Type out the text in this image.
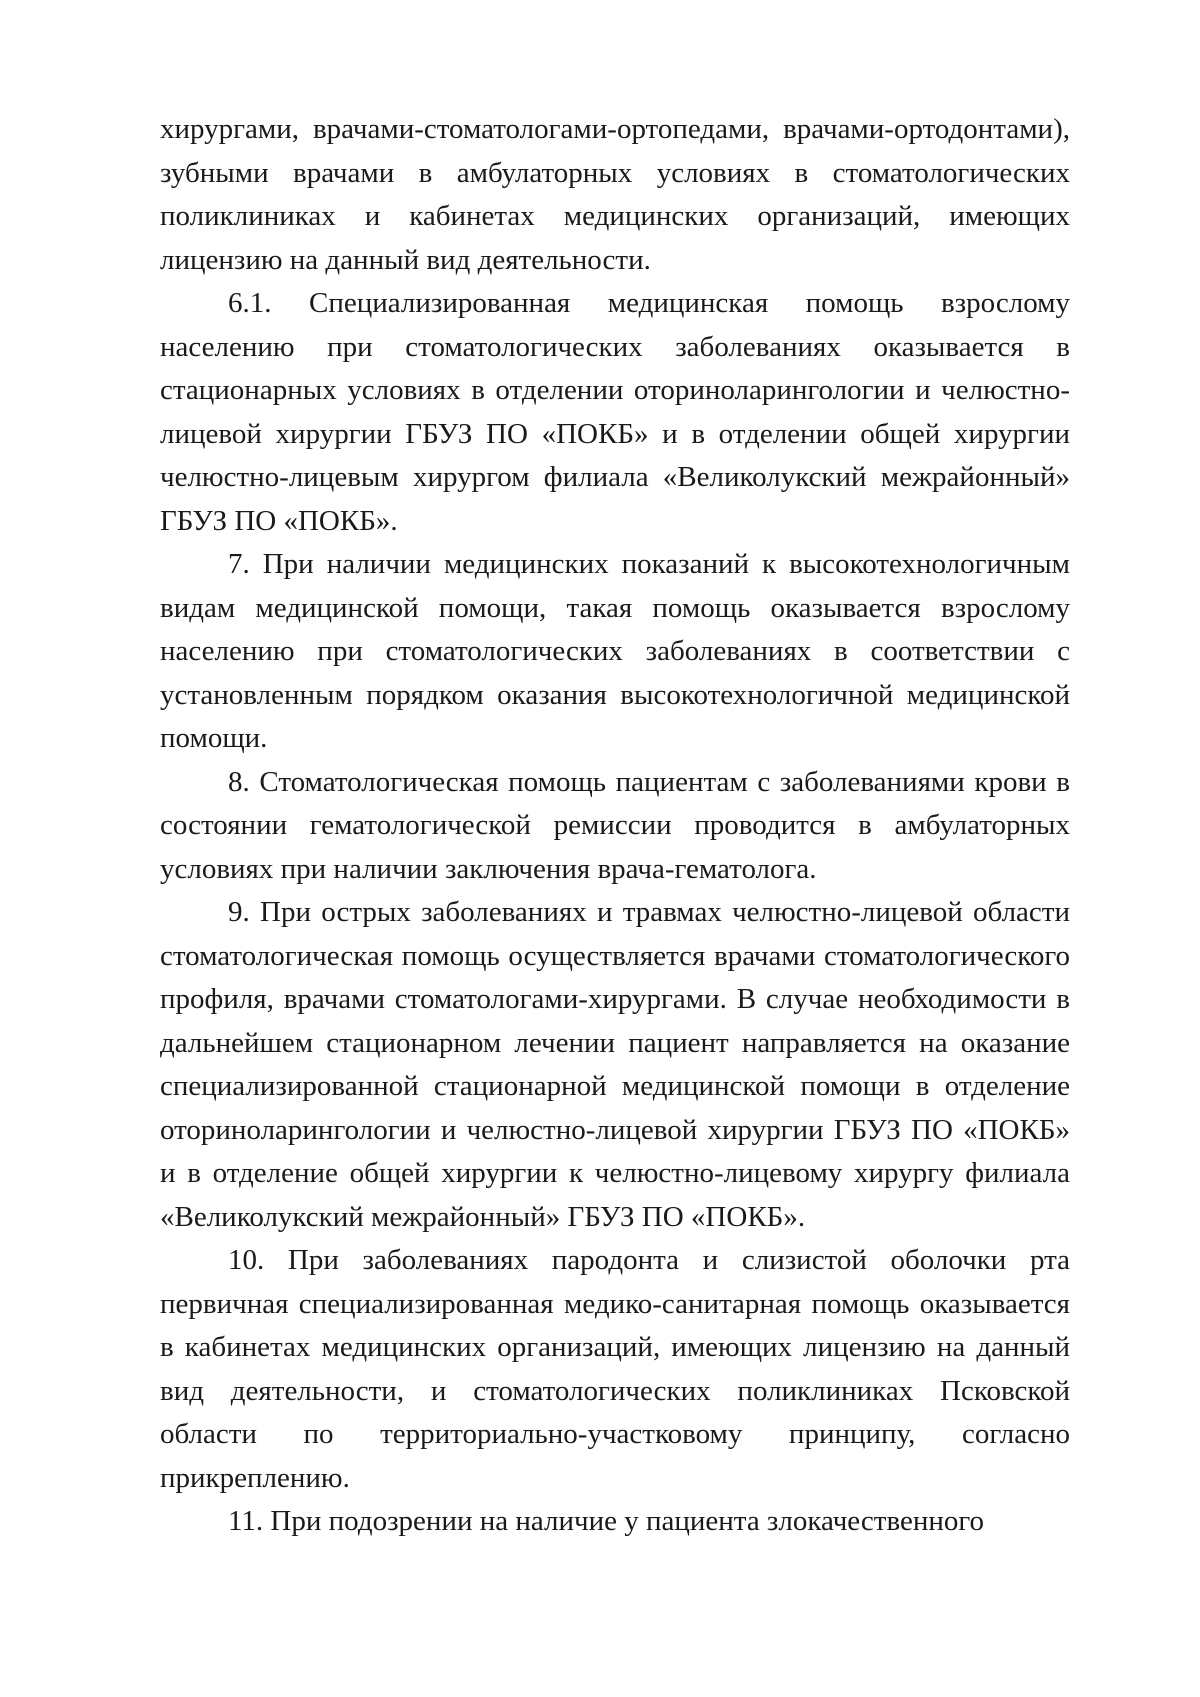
хирургами, врачами-стоматологами-ортопедами, врачами-ортодонтами), зубными врачами в амбулаторных условиях в стоматологических поликлиниках и кабинетах медицинских организаций, имеющих лицензию на данный вид деятельности.

6.1. Специализированная медицинская помощь взрослому населению при стоматологических заболеваниях оказывается в стационарных условиях в отделении оториноларингологии и челюстно-лицевой хирургии ГБУЗ ПО «ПОКБ» и в отделении общей хирургии челюстно-лицевым хирургом филиала «Великолукский межрайонный» ГБУЗ ПО «ПОКБ».

7. При наличии медицинских показаний к высокотехнологичным видам медицинской помощи, такая помощь оказывается взрослому населению при стоматологических заболеваниях в соответствии с установленным порядком оказания высокотехнологичной медицинской помощи.

8. Стоматологическая помощь пациентам с заболеваниями крови в состоянии гематологической ремиссии проводится в амбулаторных условиях при наличии заключения врача-гематолога.

9. При острых заболеваниях и травмах челюстно-лицевой области стоматологическая помощь осуществляется врачами стоматологического профиля, врачами стоматологами-хирургами. В случае необходимости в дальнейшем стационарном лечении пациент направляется на оказание специализированной стационарной медицинской помощи в отделение оториноларингологии и челюстно-лицевой хирургии ГБУЗ ПО «ПОКБ» и в отделение общей хирургии к челюстно-лицевому хирургу филиала «Великолукский межрайонный» ГБУЗ ПО «ПОКБ».

10. При заболеваниях пародонта и слизистой оболочки рта первичная специализированная медико-санитарная помощь оказывается в кабинетах медицинских организаций, имеющих лицензию на данный вид деятельности, и стоматологических поликлиниках Псковской области по территориально-участковому принципу, согласно прикреплению.

11. При подозрении на наличие у пациента злокачественного
